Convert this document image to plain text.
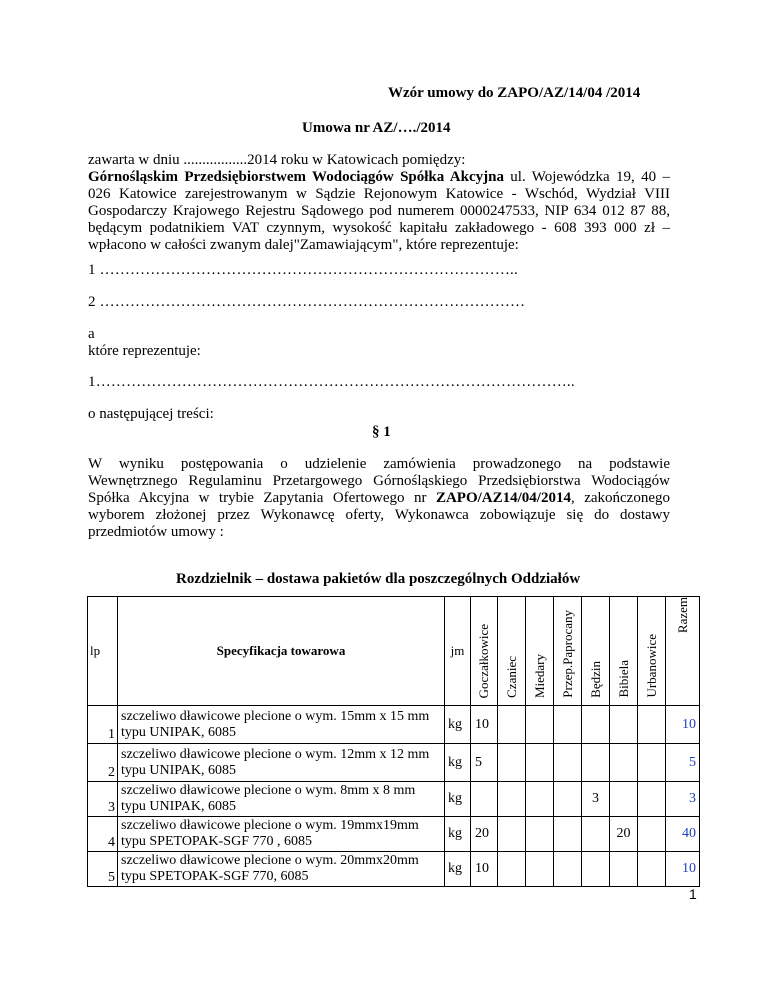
Wzór umowy do ZAPO/AZ/14/04 /2014
Umowa nr AZ/…./2014
zawarta w dniu .................2014 roku w Katowicach pomiędzy:
Górnośląskim Przedsiębiorstwem Wodociągów Spółka Akcyjna ul. Wojewódzka 19, 40 –
026 Katowice zarejestrowanym w Sądzie Rejonowym Katowice - Wschód, Wydział VIII
Gospodarczy Krajowego Rejestru Sądowego pod numerem 0000247533, NIP 634 012 87 88,
będącym podatnikiem VAT czynnym, wysokość kapitału zakładowego - 608 393 000 zł –
wpłacono w całości zwanym dalej"Zamawiającym", które reprezentuje:
1 ………………………………………………………………………..
2 …………………………………………………………………………
a
które reprezentuje:
1…………………………………………………………………………………..
o następującej treści:
§ 1
W wyniku postępowania o udzielenie zamówienia prowadzonego na podstawie
Wewnętrznego Regulaminu Przetargowego Górnośląskiego Przedsiębiorstwa Wodociągów
Spółka Akcyjna w trybie Zapytania Ofertowego nr ZAPO/AZ14/04/2014, zakończonego
wyborem złożonej przez Wykonawcę oferty, Wykonawca zobowiązuje się do dostawy
przedmiotów umowy :
Rozdzielnik – dostawa pakietów dla poszczególnych Oddziałów
lp	Specyfikacja towarowa	jm	Goczałkowice	Czaniec	Miedary	Przep.Paprocany	Będzin	Bibiela	Urbanowice	Razem
1	szczeliwo dławicowe plecione o wym. 15mm x 15 mm
typu UNIPAK, 6085	kg	10							10
2	szczeliwo dławicowe plecione o wym. 12mm x 12 mm
typu UNIPAK, 6085	kg	5							5
3	szczeliwo dławicowe plecione o wym. 8mm x 8 mm
typu UNIPAK, 6085	kg					3			3
4	szczeliwo dławicowe plecione o wym. 19mmx19mm
typu SPETOPAK-SGF 770 , 6085	kg	20					20		40
5	szczeliwo dławicowe plecione o wym. 20mmx20mm
typu SPETOPAK-SGF 770, 6085	kg	10							10
1
